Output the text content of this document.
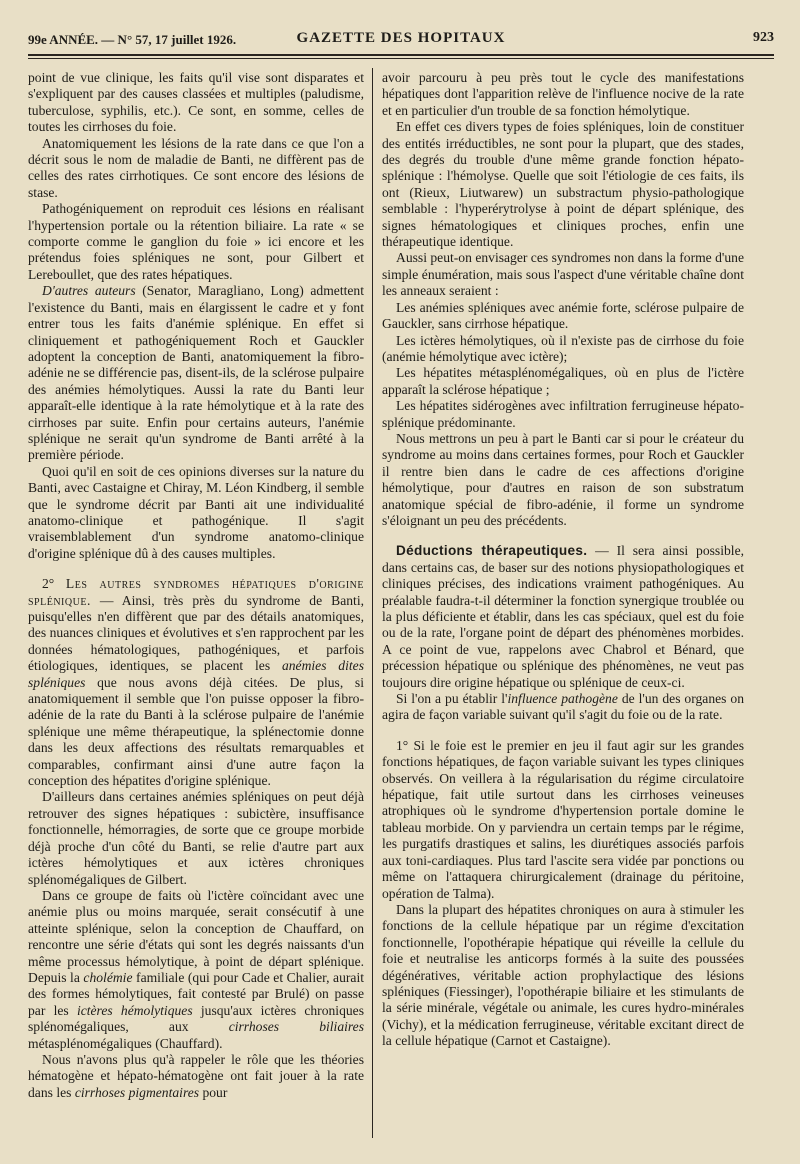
99e ANNÉE. — N° 57, 17 juillet 1926.	GAZETTE DES HOPITAUX	923

point de vue clinique, les faits qu'il vise sont disparates et s'expliquent par des causes classées et multiples (paludisme, tuberculose, syphilis, etc.). Ce sont, en somme, celles de toutes les cirrhoses du foie.

Anatomiquement les lésions de la rate dans ce que l'on a décrit sous le nom de maladie de Banti, ne diffèrent pas de celles des rates cirrhotiques. Ce sont encore des lésions de stase.

Pathogéniquement on reproduit ces lésions en réalisant l'hypertension portale ou la rétention biliaire. La rate « se comporte comme le ganglion du foie » ici encore et les prétendus foies spléniques ne sont, pour Gilbert et Lereboullet, que des rates hépatiques.

D'autres auteurs (Senator, Maragliano, Long) admettent l'existence du Banti, mais en élargissent le cadre et y font entrer tous les faits d'anémie splénique. En effet si cliniquement et pathogéniquement Roch et Gauckler adoptent la conception de Banti, anatomiquement la fibro-adénie ne se différencie pas, disent-ils, de la sclérose pulpaire des anémies hémolytiques. Aussi la rate du Banti leur apparaît-elle identique à la rate hémolytique et à la rate des cirrhoses par suite. Enfin pour certains auteurs, l'anémie splénique ne serait qu'un syndrome de Banti arrêté à la première période.

Quoi qu'il en soit de ces opinions diverses sur la nature du Banti, avec Castaigne et Chiray, M. Léon Kindberg, il semble que le syndrome décrit par Banti ait une individualité anatomo-clinique et pathogénique. Il s'agit vraisemblablement d'un syndrome anatomo-clinique d'origine splénique dû à des causes multiples.

2° Les autres syndromes hépatiques d'origine splénique. — Ainsi, très près du syndrome de Banti, puisqu'elles n'en diffèrent que par des détails anatomiques, des nuances cliniques et évolutives et s'en rapprochent par les données hématologiques, pathogéniques, et parfois étiologiques, identiques, se placent les anémies dites spléniques que nous avons déjà citées. De plus, si anatomiquement il semble que l'on puisse opposer la fibro-adénie de la rate du Banti à la sclérose pulpaire de l'anémie splénique une même thérapeutique, la splénectomie donne dans les deux affections des résultats remarquables et comparables, confirmant ainsi d'une autre façon la conception des hépatites d'origine splénique.

D'ailleurs dans certaines anémies spléniques on peut déjà retrouver des signes hépatiques : subictère, insuffisance fonctionnelle, hémorragies, de sorte que ce groupe morbide déjà proche d'un côté du Banti, se relie d'autre part aux ictères hémolytiques et aux ictères chroniques splénomégaliques de Gilbert.

Dans ce groupe de faits où l'ictère coïncidant avec une anémie plus ou moins marquée, serait consécutif à une atteinte splénique, selon la conception de Chauffard, on rencontre une série d'états qui sont les degrés naissants d'un même processus hémolytique, à point de départ splénique. Depuis la cholémie familiale (qui pour Cade et Chalier, aurait des formes hémolytiques, fait contesté par Brulé) on passe par les ictères hémolytiques jusqu'aux ictères chroniques splénomégaliques, aux cirrhoses biliaires métasplénomégaliques (Chauffard).

Nous n'avons plus qu'à rappeler le rôle que les théories hématogène et hépato-hématogène ont fait jouer à la rate dans les cirrhoses pigmentaires pour

avoir parcouru à peu près tout le cycle des manifestations hépatiques dont l'apparition relève de l'influence nocive de la rate et en particulier d'un trouble de sa fonction hémolytique.

En effet ces divers types de foies spléniques, loin de constituer des entités irréductibles, ne sont pour la plupart, que des stades, des degrés du trouble d'une même grande fonction hépato-splénique : l'hémolyse. Quelle que soit l'étiologie de ces faits, ils ont (Rieux, Liutwarew) un substractum physio-pathologique semblable : l'hyperérytrolyse à point de départ splénique, des signes hématologiques et cliniques proches, enfin une thérapeutique identique.

Aussi peut-on envisager ces syndromes non dans la forme d'une simple énumération, mais sous l'aspect d'une véritable chaîne dont les anneaux seraient :

Les anémies spléniques avec anémie forte, sclérose pulpaire de Gauckler, sans cirrhose hépatique.

Les ictères hémolytiques, où il n'existe pas de cirrhose du foie (anémie hémolytique avec ictère);

Les hépatites métasplénomégaliques, où en plus de l'ictère apparaît la sclérose hépatique ;

Les hépatites sidérogènes avec infiltration ferrugineuse hépato-splénique prédominante.

Nous mettrons un peu à part le Banti car si pour le créateur du syndrome au moins dans certaines formes, pour Roch et Gauckler il rentre bien dans le cadre de ces affections d'origine hémolytique, pour d'autres en raison de son substratum anatomique spécial de fibro-adénie, il forme un syndrome s'éloignant un peu des précédents.

Déductions thérapeutiques. — Il sera ainsi possible, dans certains cas, de baser sur des notions physiopathologiques et cliniques précises, des indications vraiment pathogéniques. Au préalable faudra-t-il déterminer la fonction synergique troublée ou la plus déficiente et établir, dans les cas spéciaux, quel est du foie ou de la rate, l'organe point de départ des phénomènes morbides. A ce point de vue, rappelons avec Chabrol et Bénard, que précession hépatique ou splénique des phénomènes, ne veut pas toujours dire origine hépatique ou splénique de ceux-ci.

Si l'on a pu établir l'influence pathogène de l'un des organes on agira de façon variable suivant qu'il s'agit du foie ou de la rate.

1° Si le foie est le premier en jeu il faut agir sur les grandes fonctions hépatiques, de façon variable suivant les types cliniques observés. On veillera à la régularisation du régime circulatoire hépatique, fait utile surtout dans les cirrhoses veineuses atrophiques où le syndrome d'hypertension portale domine le tableau morbide. On y parviendra un certain temps par le régime, les purgatifs drastiques et salins, les diurétiques associés parfois aux toni-cardiaques. Plus tard l'ascite sera vidée par ponctions ou même on l'attaquera chirurgicalement (drainage du péritoine, opération de Talma).

Dans la plupart des hépatites chroniques on aura à stimuler les fonctions de la cellule hépatique par un régime d'excitation fonctionnelle, l'opothérapie hépatique qui réveille la cellule du foie et neutralise les anticorps formés à la suite des poussées dégénératives, véritable action prophylactique des lésions spléniques (Fiessinger), l'opothérapie biliaire et les stimulants de la série minérale, végétale ou animale, les cures hydro-minérales (Vichy), et la médication ferrugineuse, véritable excitant direct de la cellule hépatique (Carnot et Castaigne).
